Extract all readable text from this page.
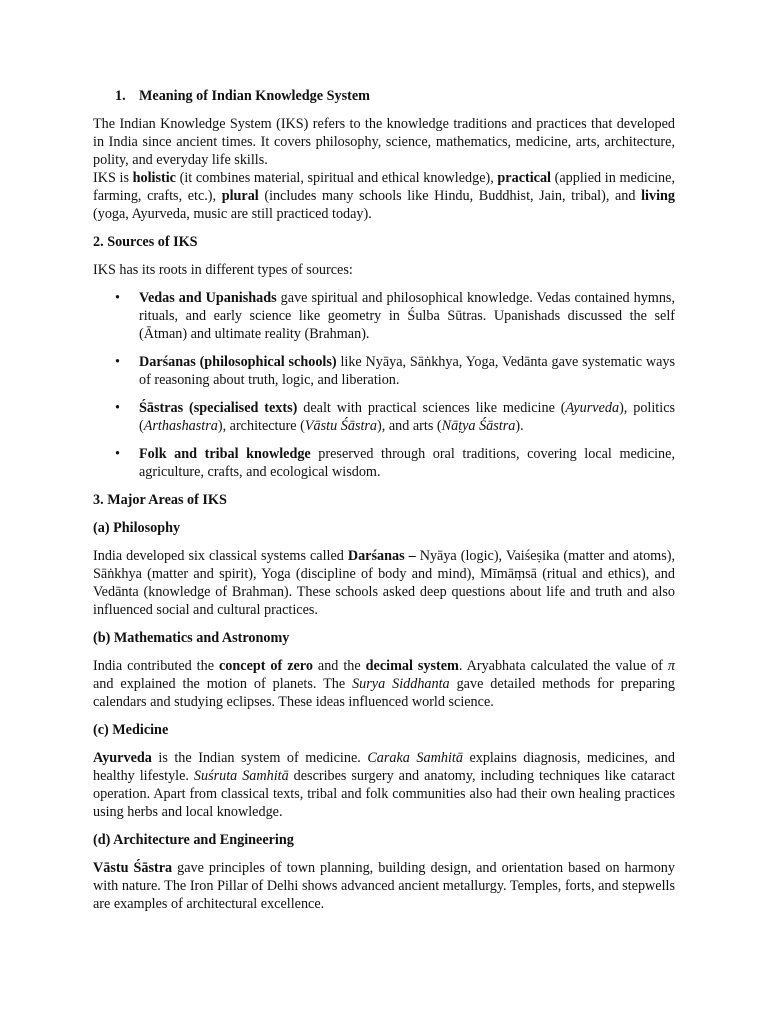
1. Meaning of Indian Knowledge System

The Indian Knowledge System (IKS) refers to the knowledge traditions and practices that developed in India since ancient times. It covers philosophy, science, mathematics, medicine, arts, architecture, polity, and everyday life skills.

IKS is holistic (it combines material, spiritual and ethical knowledge), practical (applied in medicine, farming, crafts, etc.), plural (includes many schools like Hindu, Buddhist, Jain, tribal), and living (yoga, Ayurveda, music are still practiced today).

2. Sources of IKS

IKS has its roots in different types of sources:

• Vedas and Upanishads gave spiritual and philosophical knowledge. Vedas contained hymns, rituals, and early science like geometry in Śulba Sūtras. Upanishads discussed the self (Ātman) and ultimate reality (Brahman).
• Darśanas (philosophical schools) like Nyāya, Sāṅkhya, Yoga, Vedānta gave systematic ways of reasoning about truth, logic, and liberation.
• Śāstras (specialised texts) dealt with practical sciences like medicine (Ayurveda), politics (Arthashastra), architecture (Vāstu Śāstra), and arts (Nāṭya Śāstra).
• Folk and tribal knowledge preserved through oral traditions, covering local medicine, agriculture, crafts, and ecological wisdom.
3. Major Areas of IKS
(a) Philosophy

India developed six classical systems called Darśanas – Nyāya (logic), Vaiśeṣika (matter and atoms), Sāṅkhya (matter and spirit), Yoga (discipline of body and mind), Mīmāṃsā (ritual and ethics), and Vedānta (knowledge of Brahman). These schools asked deep questions about life and truth and also influenced social and cultural practices.

(b) Mathematics and Astronomy

India contributed the concept of zero and the decimal system. Aryabhata calculated the value of π and explained the motion of planets. The Surya Siddhanta gave detailed methods for preparing calendars and studying eclipses. These ideas influenced world science.

(c) Medicine

Ayurveda is the Indian system of medicine. Caraka Samhitā explains diagnosis, medicines, and healthy lifestyle. Suśruta Samhitā describes surgery and anatomy, including techniques like cataract operation. Apart from classical texts, tribal and folk communities also had their own healing practices using herbs and local knowledge.

(d) Architecture and Engineering

Vāstu Śāstra gave principles of town planning, building design, and orientation based on harmony with nature. The Iron Pillar of Delhi shows advanced ancient metallurgy. Temples, forts, and stepwells are examples of architectural excellence.
